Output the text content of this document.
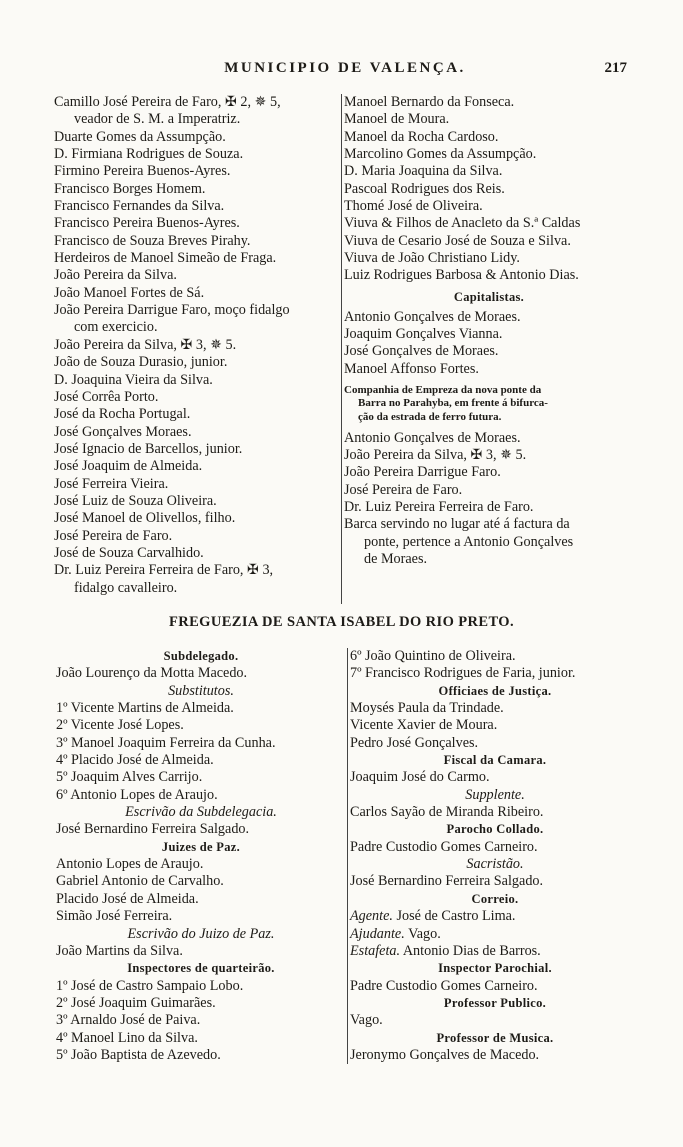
MUNICIPIO DE VALENÇA.	217
Camillo José Pereira de Faro, ✠ 2, ✵ 5,
veador de S. M. a Imperatriz.
Duarte Gomes da Assumpção.
D. Firmiana Rodrigues de Souza.
Firmino Pereira Buenos-Ayres.
Francisco Borges Homem.
Francisco Fernandes da Silva.
Francisco Pereira Buenos-Ayres.
Francisco de Souza Breves Pirahy.
Herdeiros de Manoel Simeão de Fraga.
João Pereira da Silva.
João Manoel Fortes de Sá.
João Pereira Darrigue Faro, moço fidalgo
com exercicio.
João Pereira da Silva, ✠ 3, ✵ 5.
João de Souza Durasio, junior.
D. Joaquina Vieira da Silva.
José Corrêa Porto.
José da Rocha Portugal.
José Gonçalves Moraes.
José Ignacio de Barcellos, junior.
José Joaquim de Almeida.
José Ferreira Vieira.
José Luiz de Souza Oliveira.
José Manoel de Olivellos, filho.
José Pereira de Faro.
José de Souza Carvalhido.
Dr. Luiz Pereira Ferreira de Faro, ✠ 3,
fidalgo cavalleiro.
Manoel Bernardo da Fonseca.
Manoel de Moura.
Manoel da Rocha Cardoso.
Marcolino Gomes da Assumpção.
D. Maria Joaquina da Silva.
Pascoal Rodrigues dos Reis.
Thomé José de Oliveira.
Viuva & Filhos de Anacleto da S.ª Caldas
Viuva de Cesario José de Souza e Silva.
Viuva de João Christiano Lidy.
Luiz Rodrigues Barbosa & Antonio Dias.
Capitalistas.
Antonio Gonçalves de Moraes.
Joaquim Gonçalves Vianna.
José Gonçalves de Moraes.
Manoel Affonso Fortes.
Companhia de Empreza da nova ponte da
Barra no Parahyba, em frente á bifurca-
ção da estrada de ferro futura.
Antonio Gonçalves de Moraes.
João Pereira da Silva, ✠ 3, ✵ 5.
João Pereira Darrigue Faro.
José Pereira de Faro.
Dr. Luiz Pereira Ferreira de Faro.
Barca servindo no lugar até á factura da
ponte, pertence a Antonio Gonçalves
de Moraes.
FREGUEZIA DE SANTA ISABEL DO RIO PRETO.
Subdelegado.
João Lourenço da Motta Macedo.
Substitutos.
1º Vicente Martins de Almeida.
2º Vicente José Lopes.
3º Manoel Joaquim Ferreira da Cunha.
4º Placido José de Almeida.
5º Joaquim Alves Carrijo.
6º Antonio Lopes de Araujo.
Escrivão da Subdelegacia.
José Bernardino Ferreira Salgado.
Juizes de Paz.
Antonio Lopes de Araujo.
Gabriel Antonio de Carvalho.
Placido José de Almeida.
Simão José Ferreira.
Escrivão do Juizo de Paz.
João Martins da Silva.
Inspectores de quarteirão.
1º José de Castro Sampaio Lobo.
2º José Joaquim Guimarães.
3º Arnaldo José de Paiva.
4º Manoel Lino da Silva.
5º João Baptista de Azevedo.
6º João Quintino de Oliveira.
7º Francisco Rodrigues de Faria, junior.
Officiaes de Justiça.
Moysés Paula da Trindade.
Vicente Xavier de Moura.
Pedro José Gonçalves.
Fiscal da Camara.
Joaquim José do Carmo.
Supplente.
Carlos Sayão de Miranda Ribeiro.
Parocho Collado.
Padre Custodio Gomes Carneiro.
Sacristão.
José Bernardino Ferreira Salgado.
Correio.
Agente. José de Castro Lima.
Ajudante. Vago.
Estafeta. Antonio Dias de Barros.
Inspector Parochial.
Padre Custodio Gomes Carneiro.
Professor Publico.
Vago.
Professor de Musica.
Jeronymo Gonçalves de Macedo.
